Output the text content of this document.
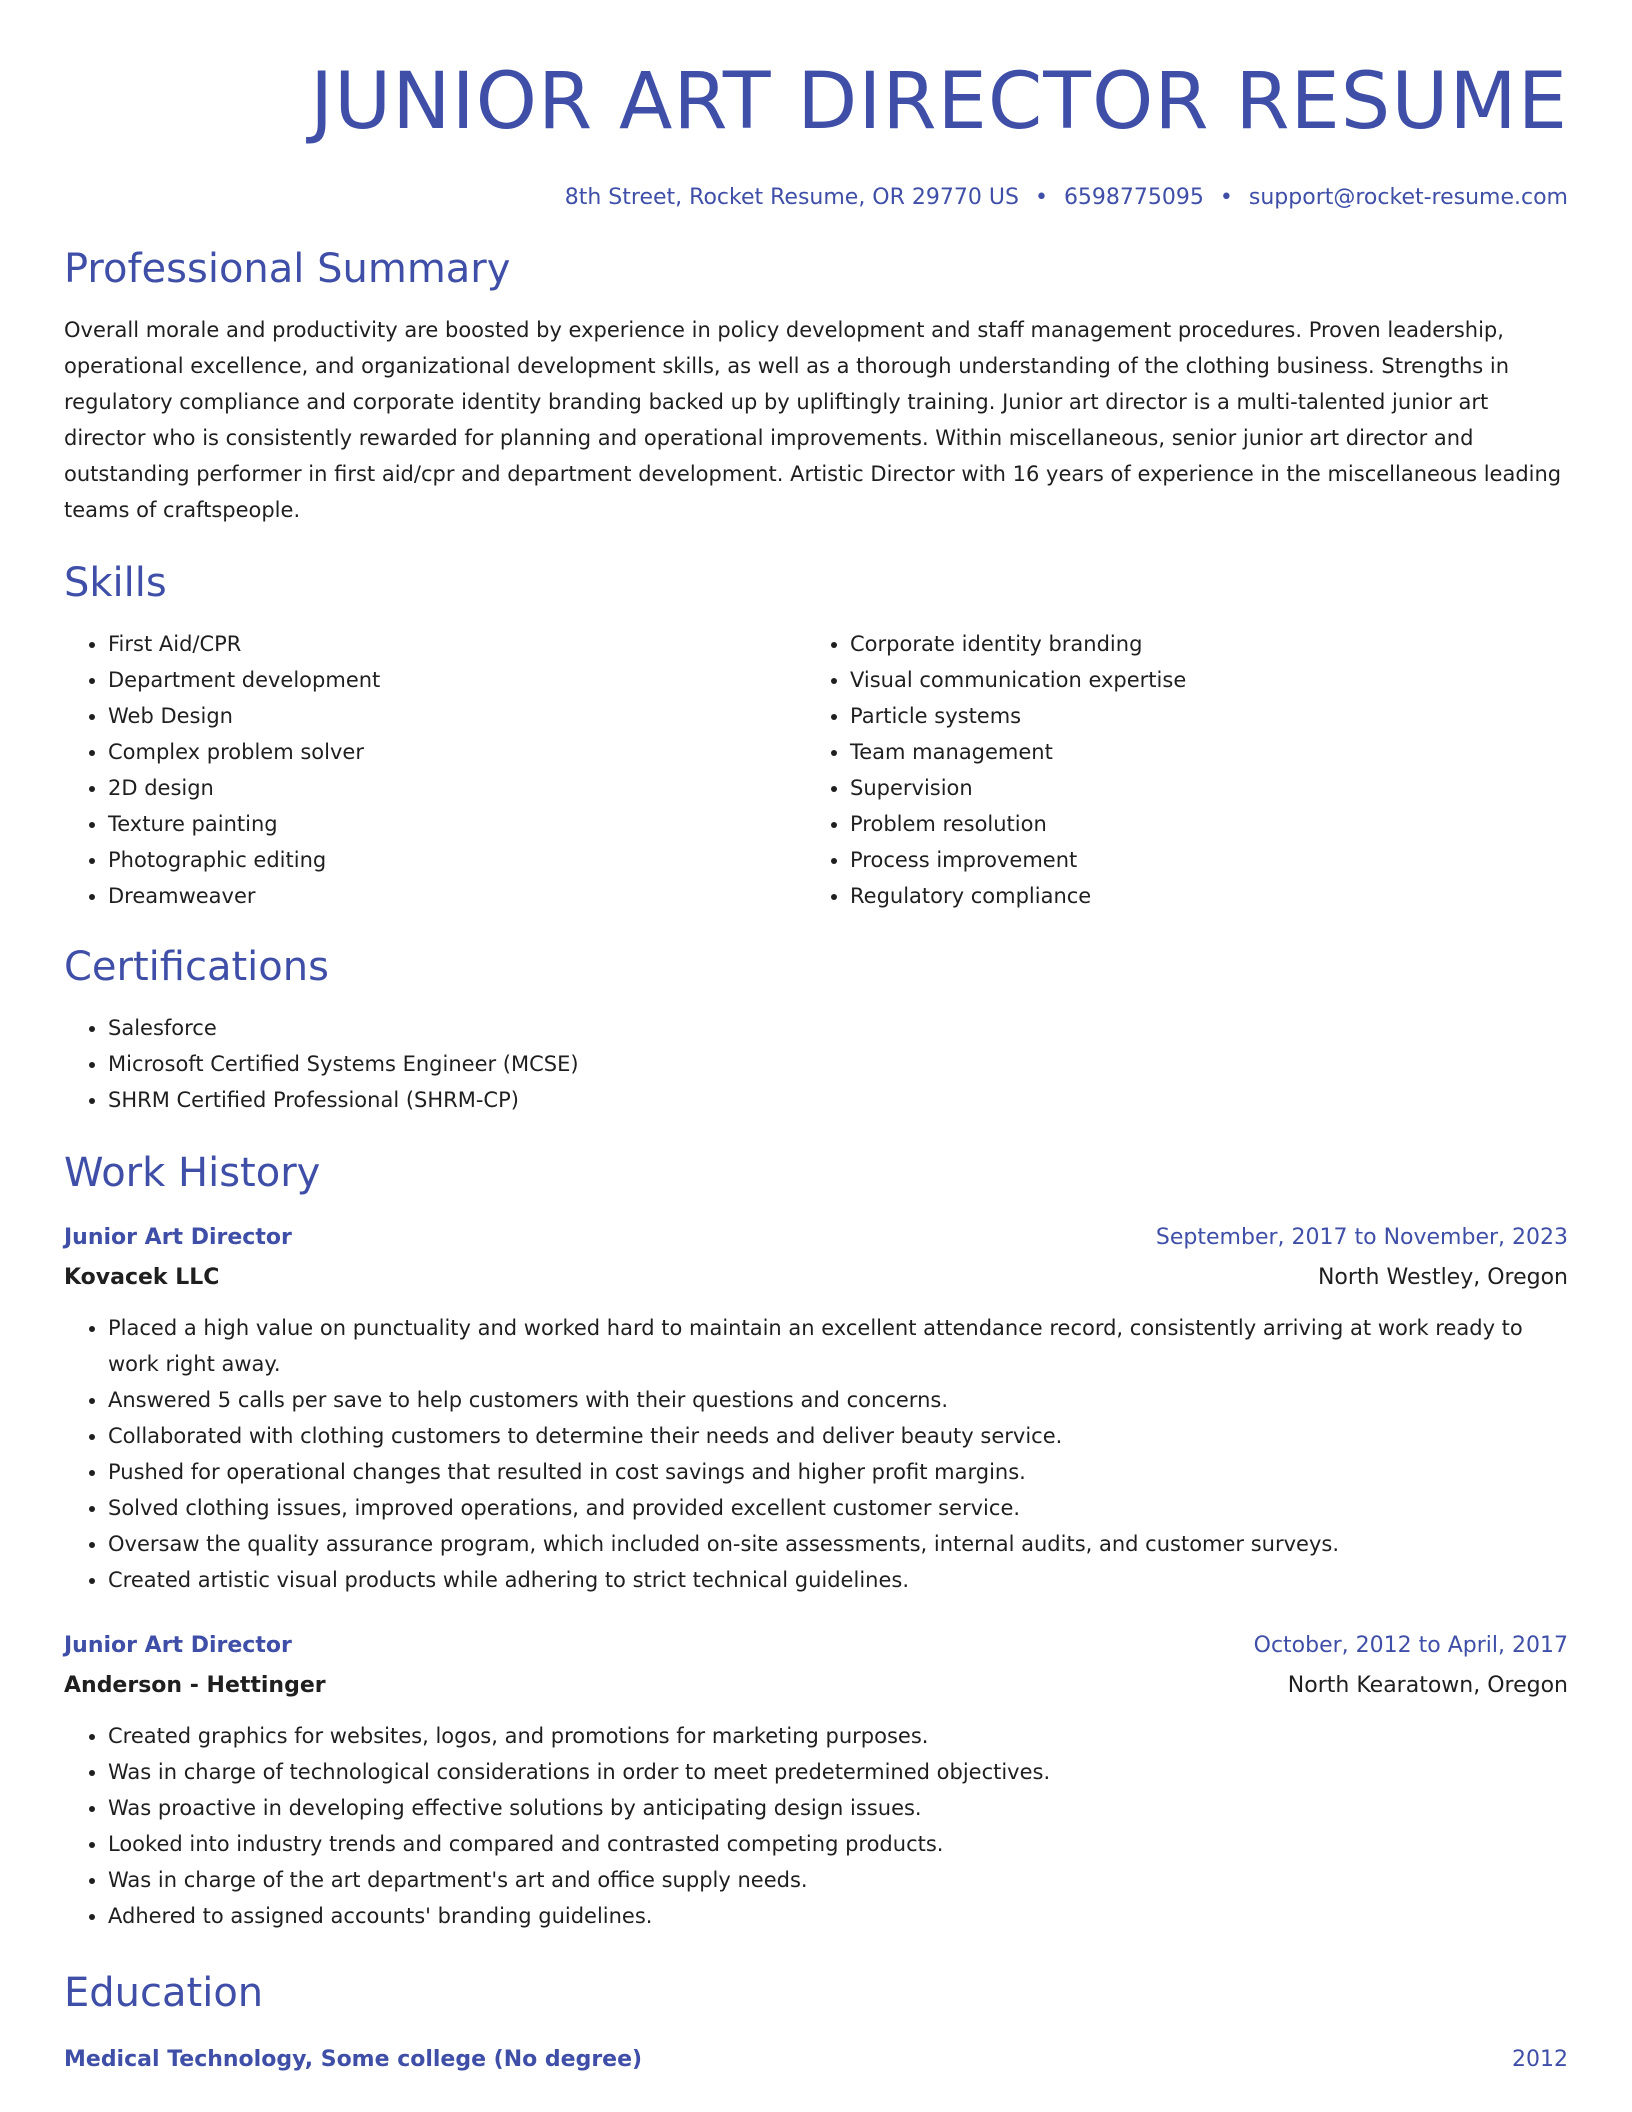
JUNIOR ART DIRECTOR RESUME
8th Street, Rocket Resume, OR 29770 US • 6598775095 • support@rocket-resume.com
Professional Summary

Overall morale and productivity are boosted by experience in policy development and staff management procedures. Proven leadership, operational excellence, and organizational development skills, as well as a thorough understanding of the clothing business. Strengths in regulatory compliance and corporate identity branding backed up by upliftingly training. Junior art director is a multi-talented junior art director who is consistently rewarded for planning and operational improvements. Within miscellaneous, senior junior art director and outstanding performer in first aid/cpr and department development. Artistic Director with 16 years of experience in the miscellaneous leading teams of craftspeople.

Skills
• First Aid/CPR
• Department development
• Web Design
• Complex problem solver
• 2D design
• Texture painting
• Photographic editing
• Dreamweaver
• Corporate identity branding
• Visual communication expertise
• Particle systems
• Team management
• Supervision
• Problem resolution
• Process improvement
• Regulatory compliance
Certifications
• Salesforce
• Microsoft Certified Systems Engineer (MCSE)
• SHRM Certified Professional (SHRM-CP)
Work History
Junior Art Director	September, 2017 to November, 2023
Kovacek LLC	North Westley, Oregon
• Placed a high value on punctuality and worked hard to maintain an excellent attendance record, consistently arriving at work ready to work right away.
• Answered 5 calls per save to help customers with their questions and concerns.
• Collaborated with clothing customers to determine their needs and deliver beauty service.
• Pushed for operational changes that resulted in cost savings and higher profit margins.
• Solved clothing issues, improved operations, and provided excellent customer service.
• Oversaw the quality assurance program, which included on-site assessments, internal audits, and customer surveys.
• Created artistic visual products while adhering to strict technical guidelines.
Junior Art Director	October, 2012 to April, 2017
Anderson - Hettinger	North Kearatown, Oregon
• Created graphics for websites, logos, and promotions for marketing purposes.
• Was in charge of technological considerations in order to meet predetermined objectives.
• Was proactive in developing effective solutions by anticipating design issues.
• Looked into industry trends and compared and contrasted competing products.
• Was in charge of the art department's art and office supply needs.
• Adhered to assigned accounts' branding guidelines.
Education
Medical Technology, Some college (No degree)	2012
